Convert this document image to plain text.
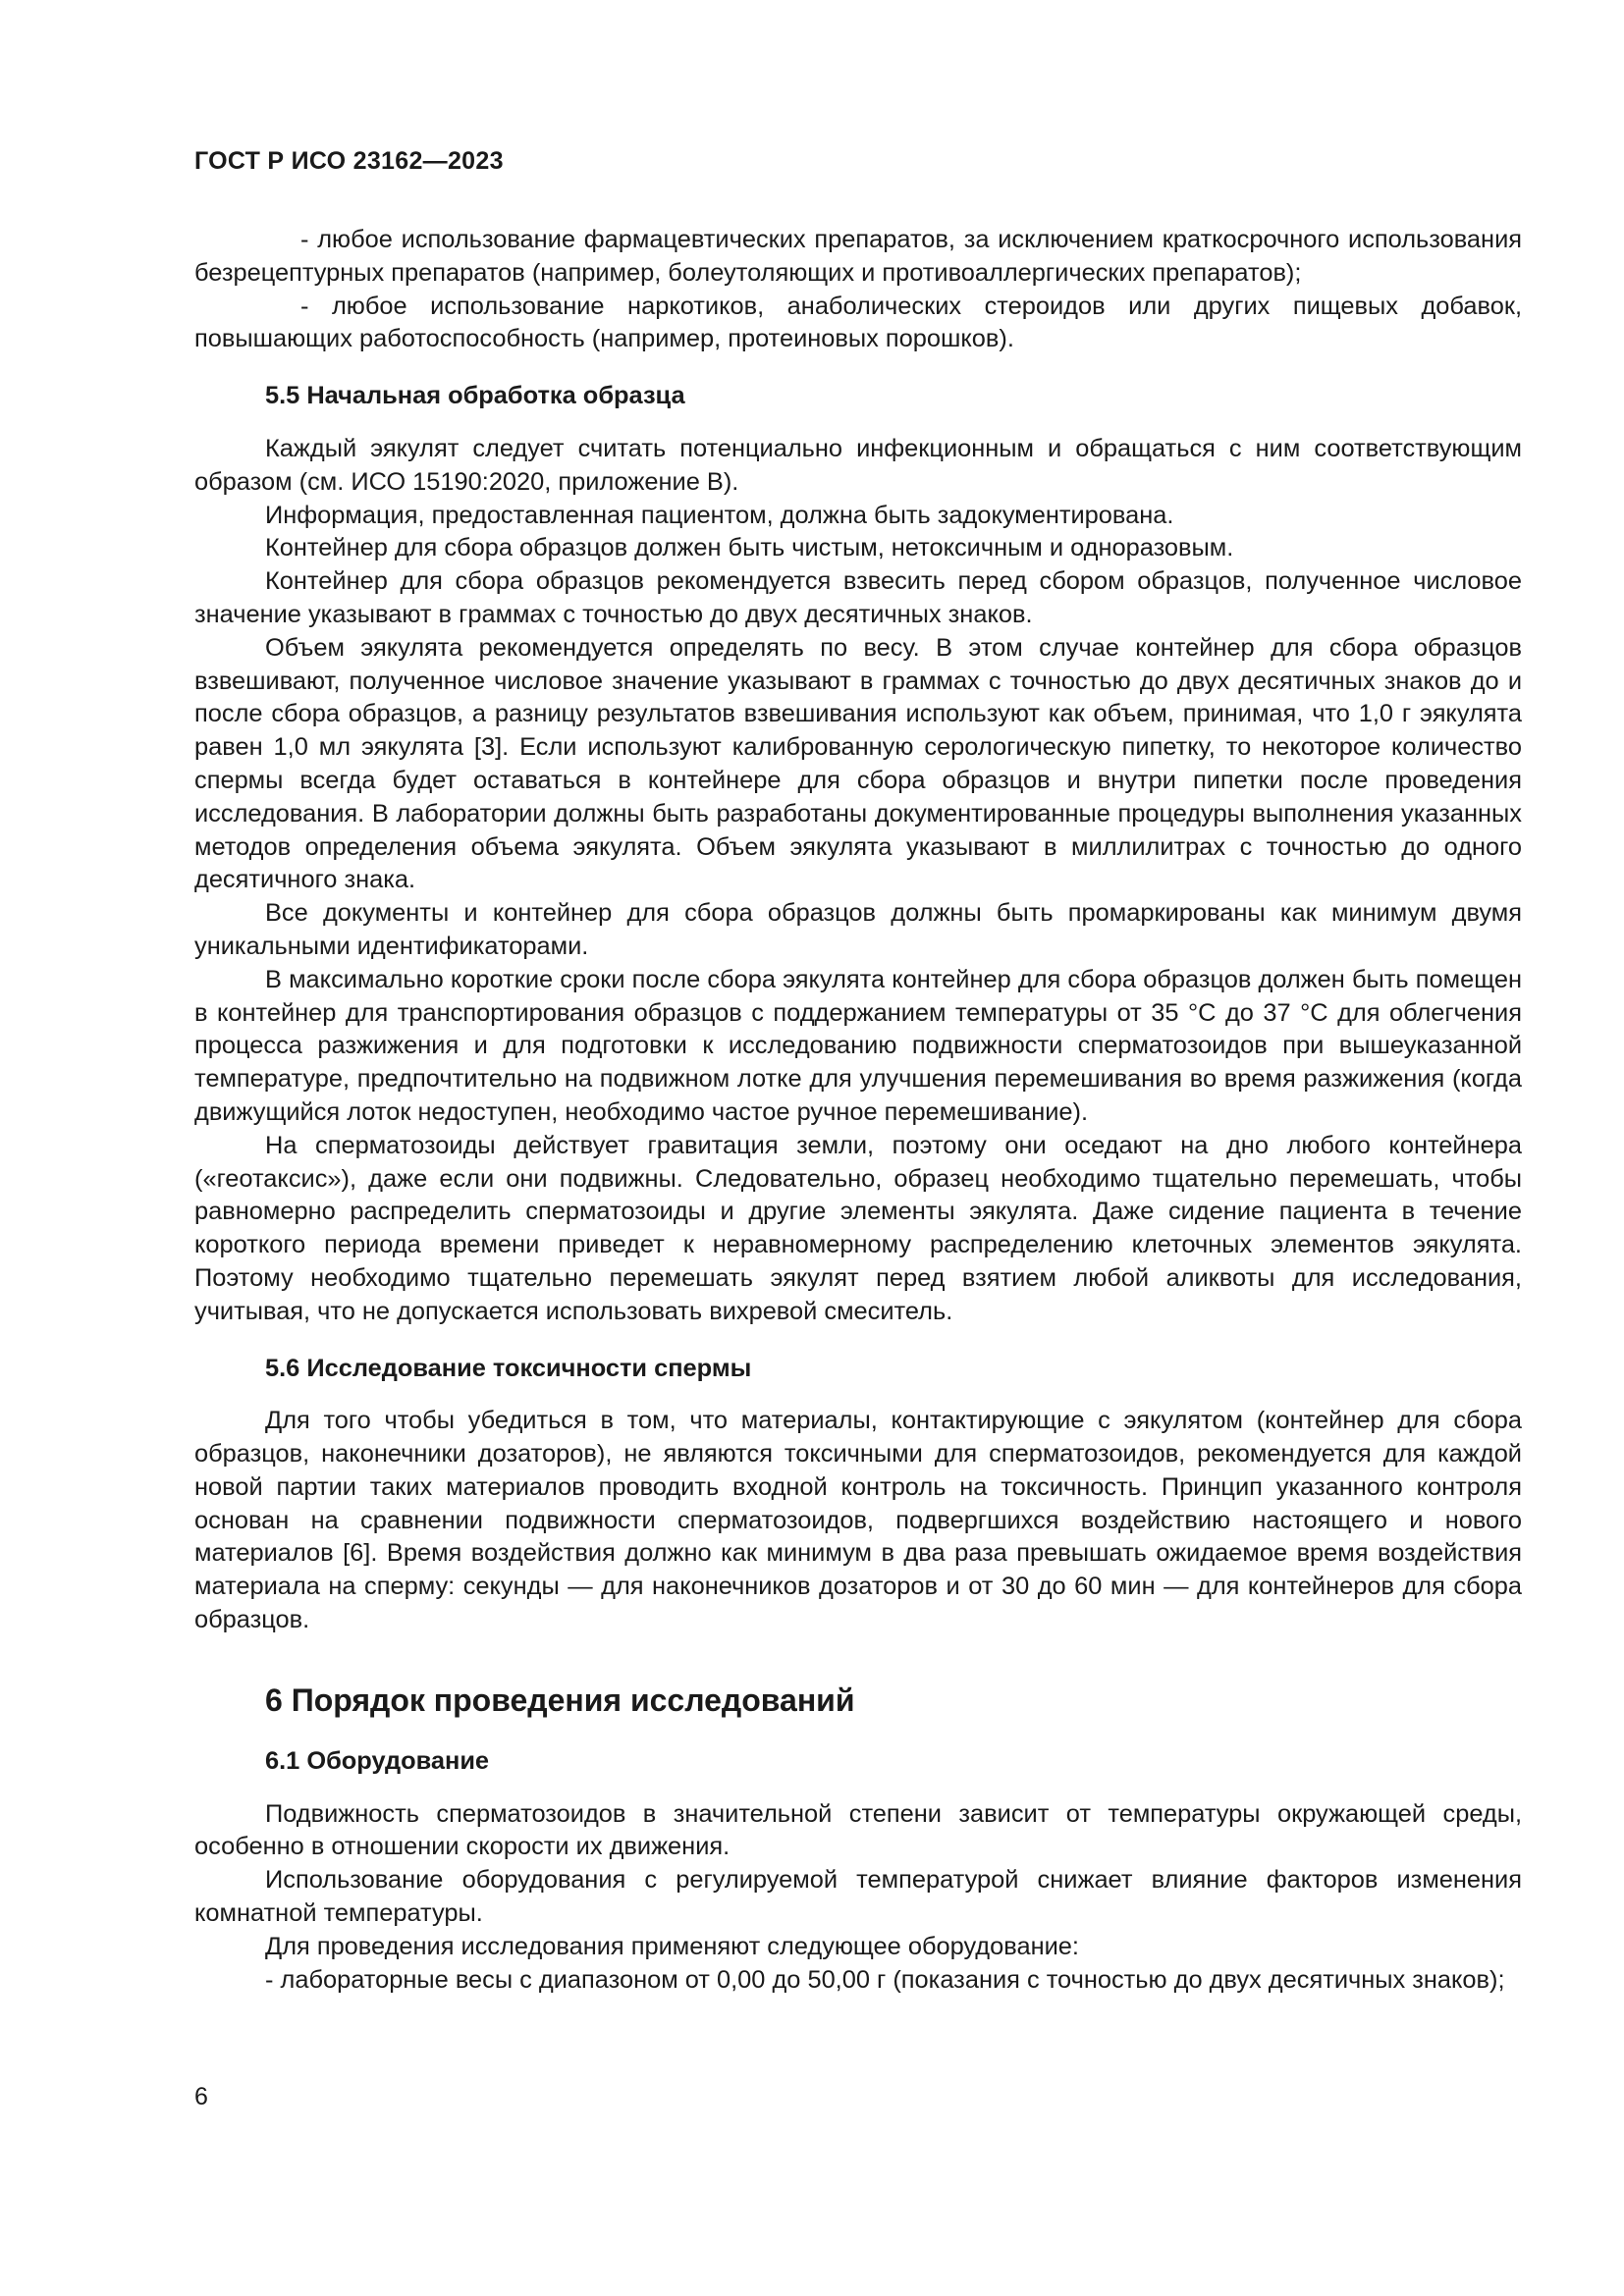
ГОСТ Р ИСО 23162—2023

- любое использование фармацевтических препаратов, за исключением краткосрочного использования безрецептурных препаратов (например, болеутоляющих и противоаллергических препаратов);

- любое использование наркотиков, анаболических стероидов или других пищевых добавок, повышающих работоспособность (например, протеиновых порошков).

5.5 Начальная обработка образца

Каждый эякулят следует считать потенциально инфекционным и обращаться с ним соответствующим образом (см. ИСО 15190:2020, приложение В).

Информация, предоставленная пациентом, должна быть задокументирована.

Контейнер для сбора образцов должен быть чистым, нетоксичным и одноразовым.

Контейнер для сбора образцов рекомендуется взвесить перед сбором образцов, полученное числовое значение указывают в граммах с точностью до двух десятичных знаков.

Объем эякулята рекомендуется определять по весу. В этом случае контейнер для сбора образцов взвешивают, полученное числовое значение указывают в граммах с точностью до двух десятичных знаков до и после сбора образцов, а разницу результатов взвешивания используют как объем, принимая, что 1,0 г эякулята равен 1,0 мл эякулята [3]. Если используют калиброванную серологическую пипетку, то некоторое количество спермы всегда будет оставаться в контейнере для сбора образцов и внутри пипетки после проведения исследования. В лаборатории должны быть разработаны документированные процедуры выполнения указанных методов определения объема эякулята. Объем эякулята указывают в миллилитрах с точностью до одного десятичного знака.

Все документы и контейнер для сбора образцов должны быть промаркированы как минимум двумя уникальными идентификаторами.

В максимально короткие сроки после сбора эякулята контейнер для сбора образцов должен быть помещен в контейнер для транспортирования образцов с поддержанием температуры от 35 °С до 37 °С для облегчения процесса разжижения и для подготовки к исследованию подвижности сперматозоидов при вышеуказанной температуре, предпочтительно на подвижном лотке для улучшения перемешивания во время разжижения (когда движущийся лоток недоступен, необходимо частое ручное перемешивание).

На сперматозоиды действует гравитация земли, поэтому они оседают на дно любого контейнера («геотаксис»), даже если они подвижны. Следовательно, образец необходимо тщательно перемешать, чтобы равномерно распределить сперматозоиды и другие элементы эякулята. Даже сидение пациента в течение короткого периода времени приведет к неравномерному распределению клеточных элементов эякулята. Поэтому необходимо тщательно перемешать эякулят перед взятием любой аликвоты для исследования, учитывая, что не допускается использовать вихревой смеситель.

5.6 Исследование токсичности спермы

Для того чтобы убедиться в том, что материалы, контактирующие с эякулятом (контейнер для сбора образцов, наконечники дозаторов), не являются токсичными для сперматозоидов, рекомендуется для каждой новой партии таких материалов проводить входной контроль на токсичность. Принцип указанного контроля основан на сравнении подвижности сперматозоидов, подвергшихся воздействию настоящего и нового материалов [6]. Время воздействия должно как минимум в два раза превышать ожидаемое время воздействия материала на сперму: секунды — для наконечников дозаторов и от 30 до 60 мин — для контейнеров для сбора образцов.

6 Порядок проведения исследований
6.1 Оборудование

Подвижность сперматозоидов в значительной степени зависит от температуры окружающей среды, особенно в отношении скорости их движения.

Использование оборудования с регулируемой температурой снижает влияние факторов изменения комнатной температуры.

Для проведения исследования применяют следующее оборудование:

- лабораторные весы с диапазоном от 0,00 до 50,00 г (показания с точностью до двух десятичных знаков);

6
